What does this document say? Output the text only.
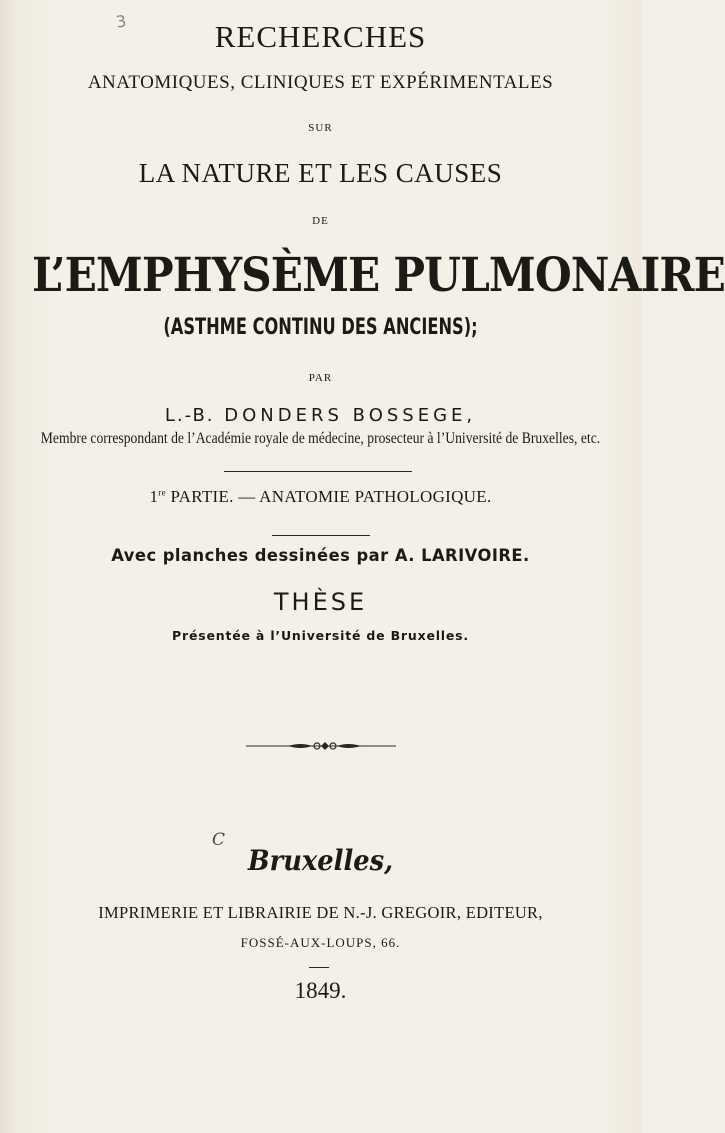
3	RECHERCHES
ANATOMIQUES, CLINIQUES ET EXPÉRIMENTALES
SUR
LA NATURE ET LES CAUSES
DE
L’EMPHYSÈME PULMONAIRE
(ASTHME CONTINU DES ANCIENS);
PAR
L.-B. DONDERS BOSSEGE,
Membre correspondant de l’Académie royale de médecine, prosecteur à l’Université de Bruxelles, etc.
1re PARTIE. — ANATOMIE PATHOLOGIQUE.
Avec planches dessinées par A. LARIVOIRE.
THÈSE
Présentée à l’Université de Bruxelles.
C
Bruxelles,
IMPRIMERIE ET LIBRAIRIE DE N.-J. GREGOIR, EDITEUR,
FOSSÉ-AUX-LOUPS, 66.
1849.
